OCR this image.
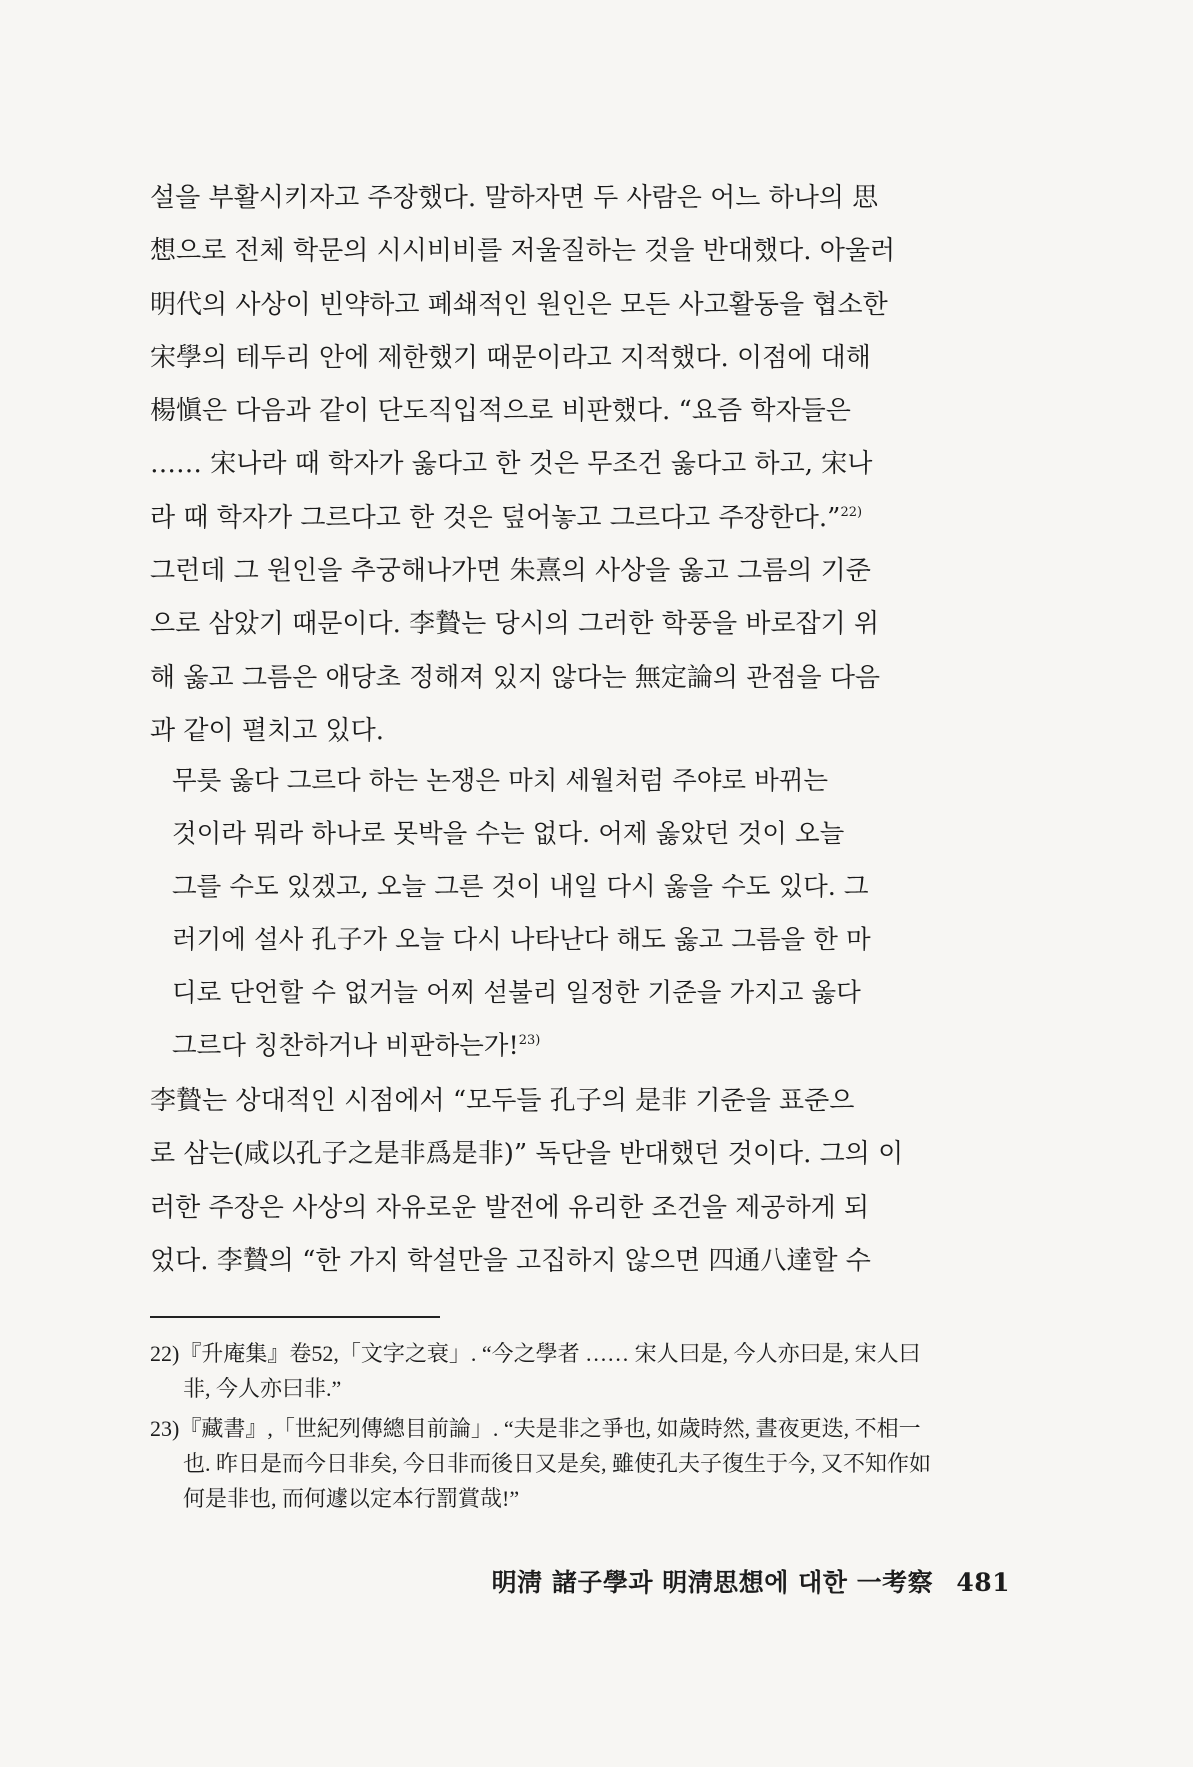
설을 부활시키자고 주장했다. 말하자면 두 사람은 어느 하나의 思
想으로 전체 학문의 시시비비를 저울질하는 것을 반대했다. 아울러
明代의 사상이 빈약하고 폐쇄적인 원인은 모든 사고활동을 협소한
宋學의 테두리 안에 제한했기 때문이라고 지적했다. 이점에 대해
楊愼은 다음과 같이 단도직입적으로 비판했다. “요즘 학자들은
…… 宋나라 때 학자가 옳다고 한 것은 무조건 옳다고 하고, 宋나
라 때 학자가 그르다고 한 것은 덮어놓고 그르다고 주장한다.”$^{22)}$
그런데 그 원인을 추궁해나가면 朱熹의 사상을 옳고 그름의 기준
으로 삼았기 때문이다. 李贄는 당시의 그러한 학풍을 바로잡기 위
해 옳고 그름은 애당초 정해져 있지 않다는 無定論의 관점을 다음
과 같이 펼치고 있다.
무릇 옳다 그르다 하는 논쟁은 마치 세월처럼 주야로 바뀌는
것이라 뭐라 하나로 못박을 수는 없다. 어제 옳았던 것이 오늘
그를 수도 있겠고, 오늘 그른 것이 내일 다시 옳을 수도 있다. 그
러기에 설사 孔子가 오늘 다시 나타난다 해도 옳고 그름을 한 마
디로 단언할 수 없거늘 어찌 섣불리 일정한 기준을 가지고 옳다
그르다 칭찬하거나 비판하는가!$^{23)}$
李贄는 상대적인 시점에서 “모두들 孔子의 是非 기준을 표준으
로 삼는(咸以孔子之是非爲是非)” 독단을 반대했던 것이다. 그의 이
러한 주장은 사상의 자유로운 발전에 유리한 조건을 제공하게 되
었다. 李贄의 “한 가지 학설만을 고집하지 않으면 四通八達할 수
22)『升庵集』卷52,「文字之衰」. “今之學者 …… 宋人曰是, 今人亦曰是, 宋人曰
非, 今人亦曰非.”
23)『藏書』,「世紀列傳總目前論」. “夫是非之爭也, 如歲時然, 晝夜更迭, 不相一
也. 昨日是而今日非矣, 今日非而後日又是矣, 雖使孔夫子復生于今, 又不知作如
何是非也, 而何遽以定本行罰賞哉!”
明淸 諸子學과 明淸思想에 대한 一考察 481
